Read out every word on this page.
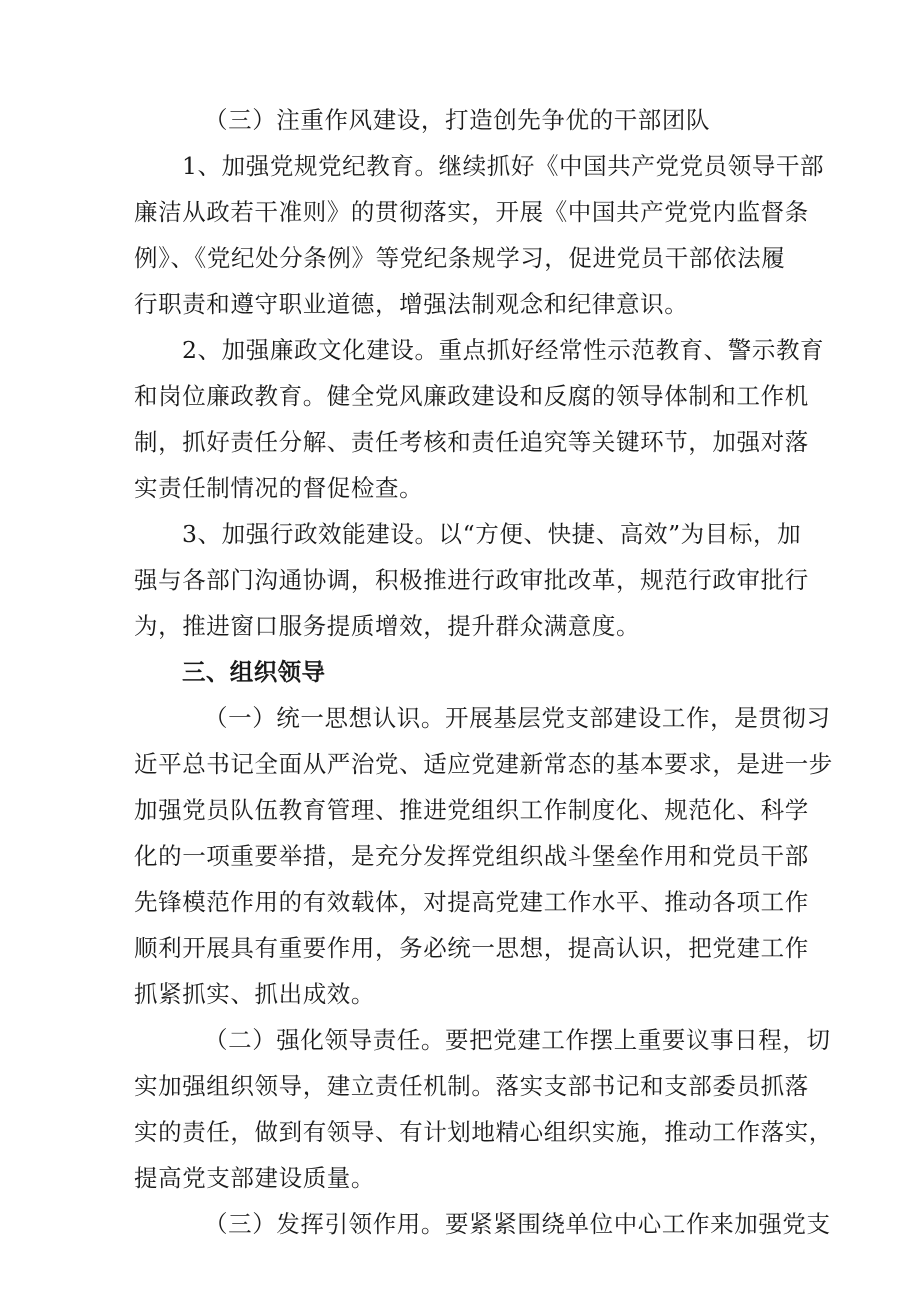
（三）注重作风建设，打造创先争优的干部团队
1、加强党规党纪教育。继续抓好《中国共产党党员领导干部
廉洁从政若干准则》的贯彻落实，开展《中国共产党党内监督条
例》、《党纪处分条例》等党纪条规学习，促进党员干部依法履
行职责和遵守职业道德，增强法制观念和纪律意识。
2、加强廉政文化建设。重点抓好经常性示范教育、警示教育
和岗位廉政教育。健全党风廉政建设和反腐的领导体制和工作机
制，抓好责任分解、责任考核和责任追究等关键环节，加强对落
实责任制情况的督促检查。
3、加强行政效能建设。以“方便、快捷、高效”为目标，加
强与各部门沟通协调，积极推进行政审批改革，规范行政审批行
为，推进窗口服务提质增效，提升群众满意度。
三、组织领导
（一）统一思想认识。开展基层党支部建设工作，是贯彻习
近平总书记全面从严治党、适应党建新常态的基本要求，是进一步
加强党员队伍教育管理、推进党组织工作制度化、规范化、科学
化的一项重要举措，是充分发挥党组织战斗堡垒作用和党员干部
先锋模范作用的有效载体，对提高党建工作水平、推动各项工作
顺利开展具有重要作用，务必统一思想，提高认识，把党建工作
抓紧抓实、抓出成效。
（二）强化领导责任。要把党建工作摆上重要议事日程，切
实加强组织领导，建立责任机制。落实支部书记和支部委员抓落
实的责任，做到有领导、有计划地精心组织实施，推动工作落实，
提高党支部建设质量。
（三）发挥引领作用。要紧紧围绕单位中心工作来加强党支
